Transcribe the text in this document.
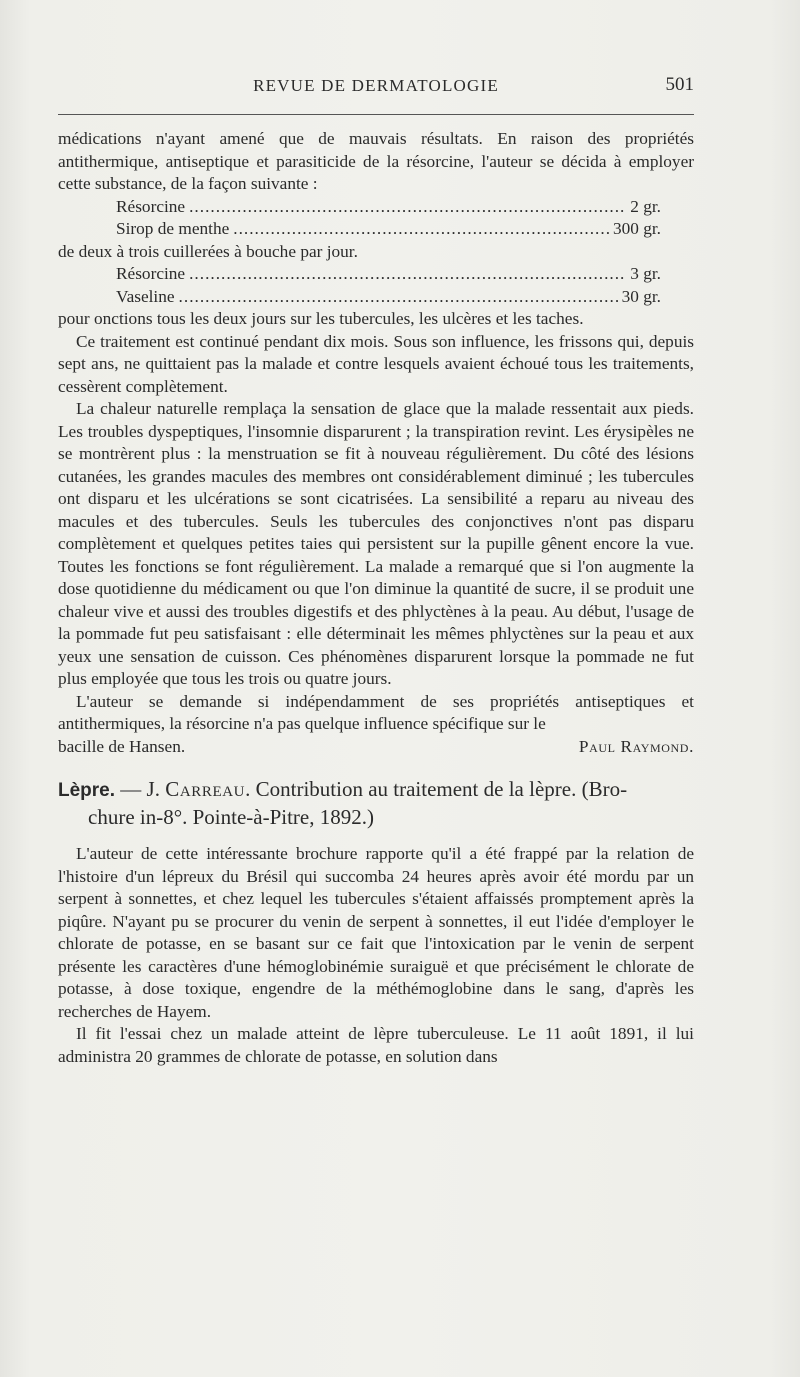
REVUE DE DERMATOLOGIE	501

médications n'ayant amené que de mauvais résultats. En raison des propriétés antithermique, antiseptique et parasiticide de la résorcine, l'auteur se décida à employer cette substance, de la façon suivante :

Résorcine .....	2 gr.
Sirop de menthe .....	300 gr.

de deux à trois cuillerées à bouche par jour.

Résorcine .....	3 gr.
Vaseline .....	30 gr.

pour onctions tous les deux jours sur les tubercules, les ulcères et les taches.

Ce traitement est continué pendant dix mois. Sous son influence, les frissons qui, depuis sept ans, ne quittaient pas la malade et contre lesquels avaient échoué tous les traitements, cessèrent complètement.

La chaleur naturelle remplaça la sensation de glace que la malade ressentait aux pieds. Les troubles dyspeptiques, l'insomnie disparurent ; la transpiration revint. Les érysipèles ne se montrèrent plus : la menstruation se fit à nouveau régulièrement. Du côté des lésions cutanées, les grandes macules des membres ont considérablement diminué ; les tubercules ont disparu et les ulcérations se sont cicatrisées. La sensibilité a reparu au niveau des macules et des tubercules. Seuls les tubercules des conjonctives n'ont pas disparu complètement et quelques petites taies qui persistent sur la pupille gênent encore la vue. Toutes les fonctions se font régulièrement. La malade a remarqué que si l'on augmente la dose quotidienne du médicament ou que l'on diminue la quantité de sucre, il se produit une chaleur vive et aussi des troubles digestifs et des phlyctènes à la peau. Au début, l'usage de la pommade fut peu satisfaisant : elle déterminait les mêmes phlyctènes sur la peau et aux yeux une sensation de cuisson. Ces phénomènes disparurent lorsque la pommade ne fut plus employée que tous les trois ou quatre jours.

L'auteur se demande si indépendamment de ses propriétés antiseptiques et antithermiques, la résorcine n'a pas quelque influence spécifique sur le

bacille de Hansen.	Paul Raymond.
Lèpre. — J. Carreau. Contribution au traitement de la lèpre. (Bro-
chure in-8°. Pointe-à-Pitre, 1892.)

L'auteur de cette intéressante brochure rapporte qu'il a été frappé par la relation de l'histoire d'un lépreux du Brésil qui succomba 24 heures après avoir été mordu par un serpent à sonnettes, et chez lequel les tubercules s'étaient affaissés promptement après la piqûre. N'ayant pu se procurer du venin de serpent à sonnettes, il eut l'idée d'employer le chlorate de potasse, en se basant sur ce fait que l'intoxication par le venin de serpent présente les caractères d'une hémoglobinémie suraiguë et que précisément le chlorate de potasse, à dose toxique, engendre de la méthémoglobine dans le sang, d'après les recherches de Hayem.

Il fit l'essai chez un malade atteint de lèpre tuberculeuse. Le 11 août 1891, il lui administra 20 grammes de chlorate de potasse, en solution dans
